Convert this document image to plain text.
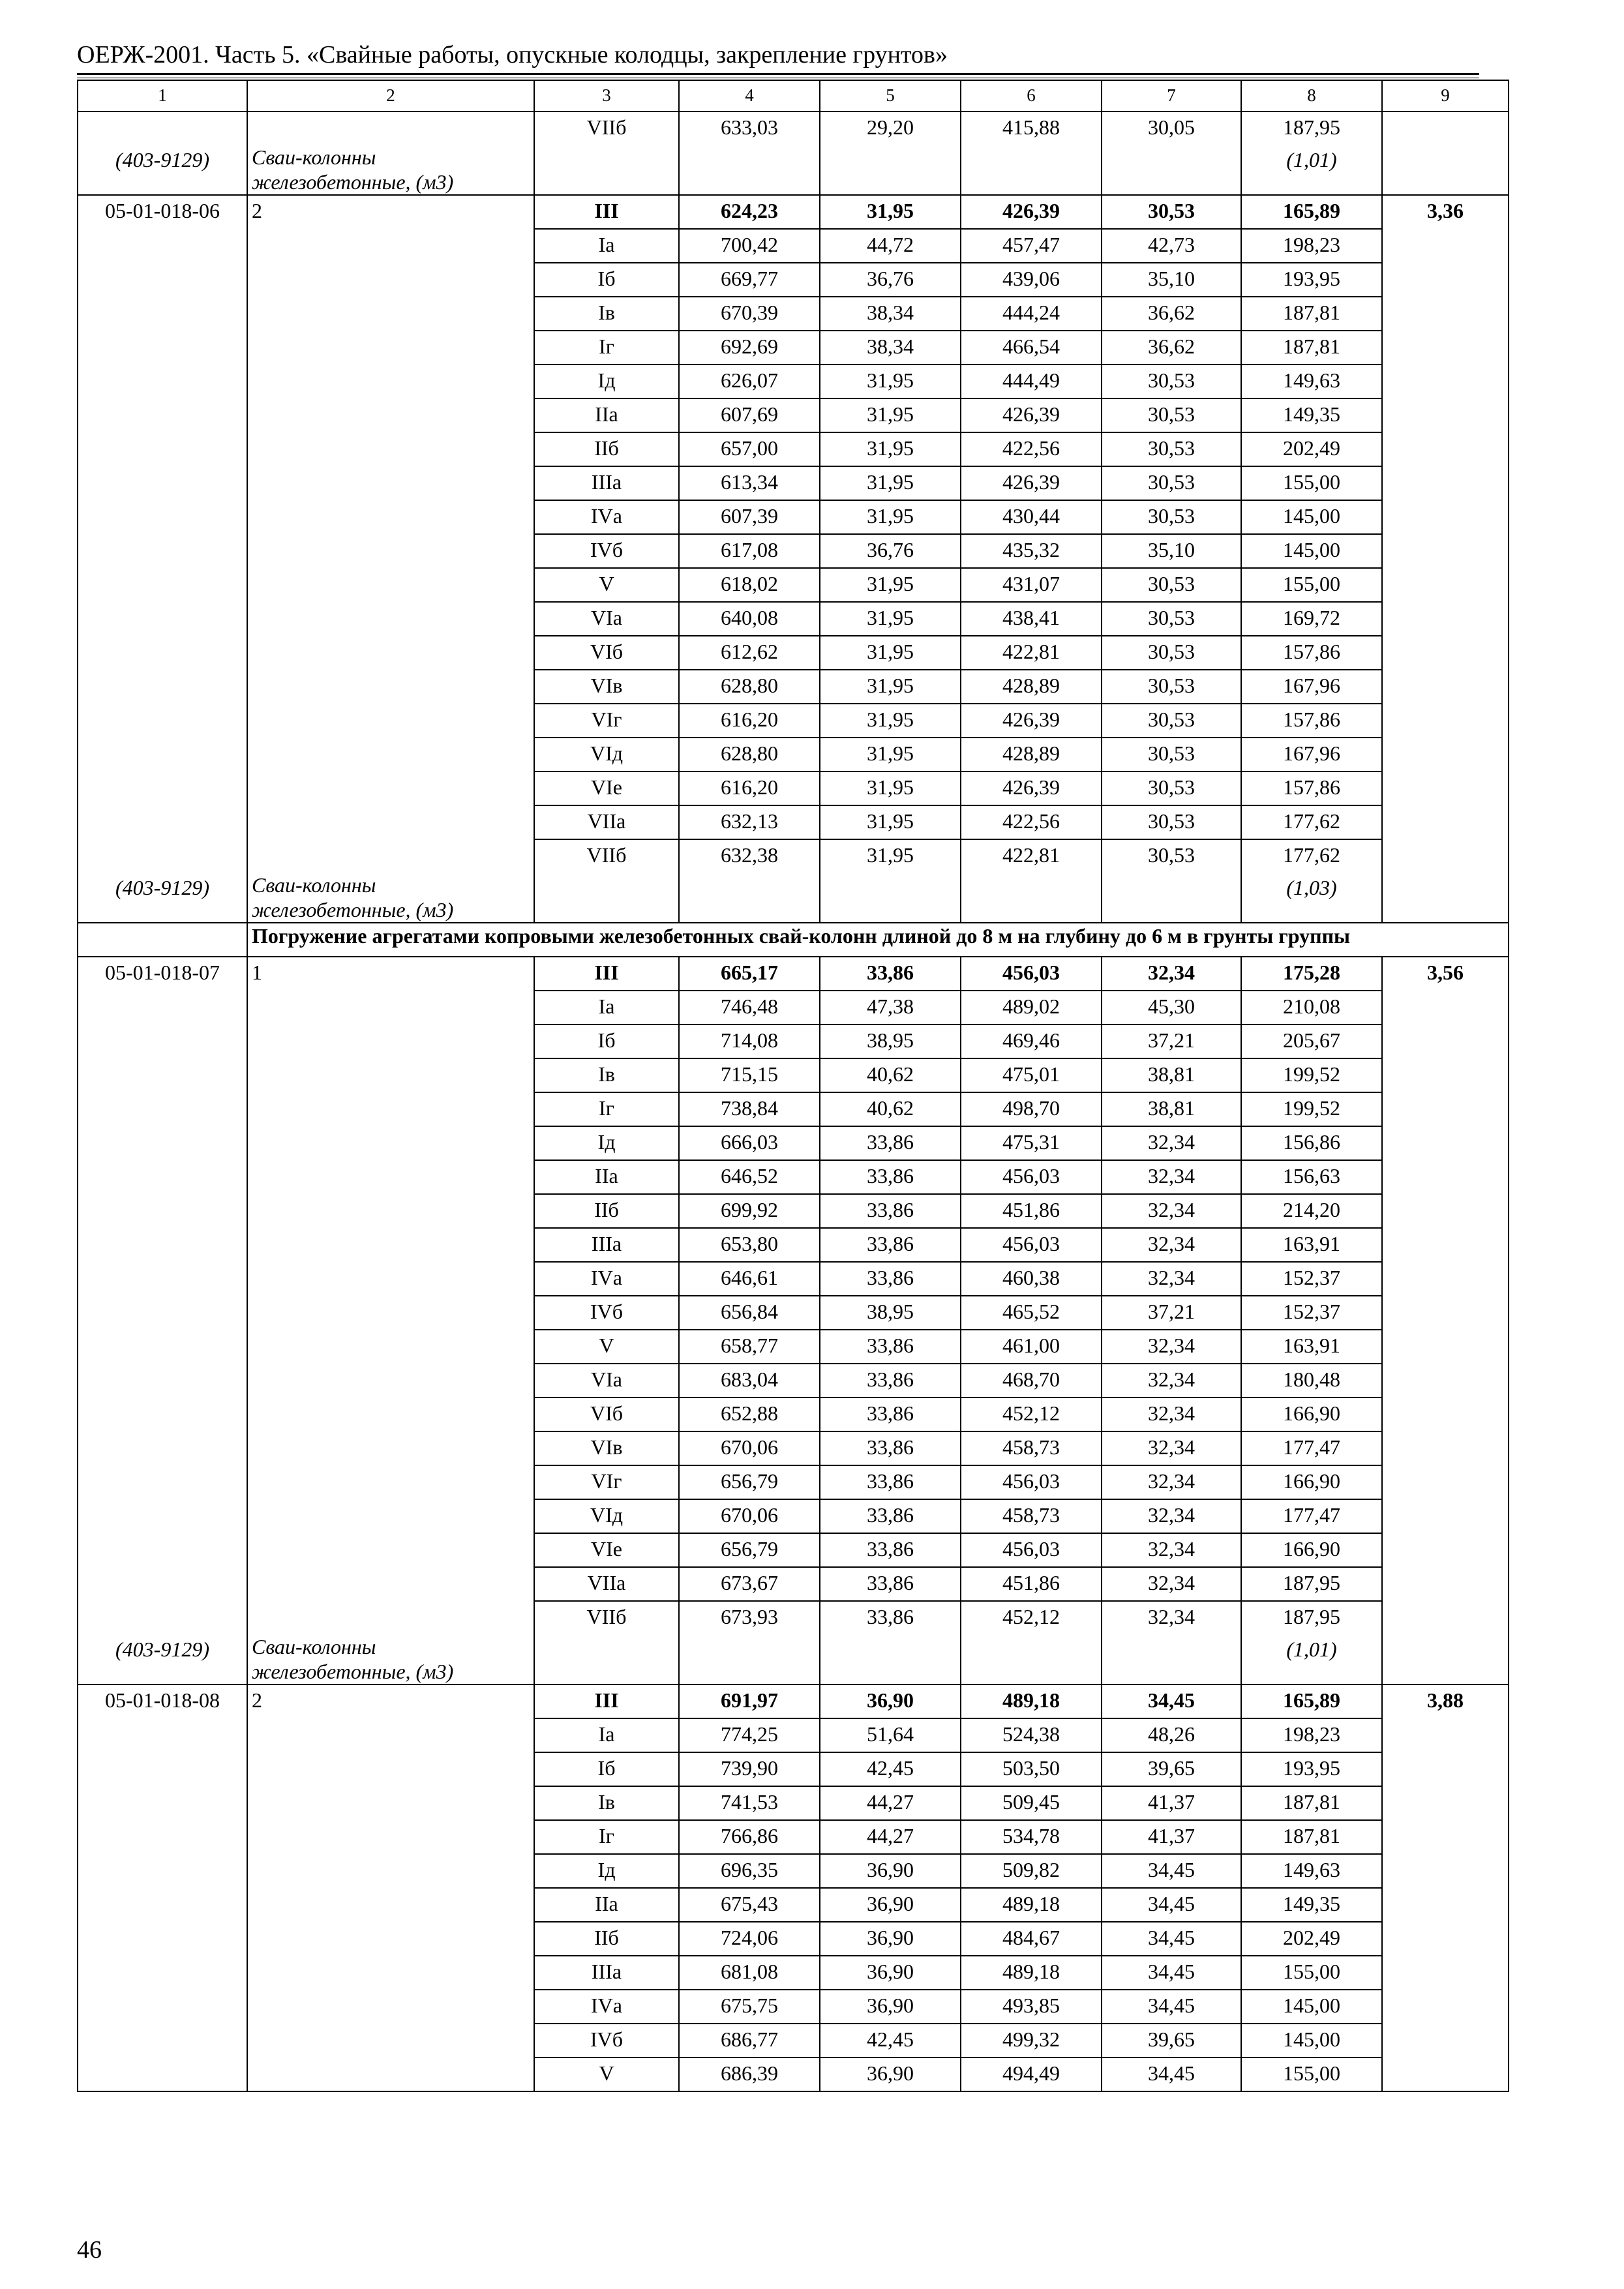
ОЕРЖ-2001. Часть 5. «Свайные работы, опускные колодцы, закрепление грунтов»
1	2	3	4	5	6	7	8	9
		VIIб	633,03	29,20	415,88	30,05	187,95	
(403-9129)	Сваи-колонны железобетонные, (м3)						(1,01)	
05-01-018-06	2	III	624,23	31,95	426,39	30,53	165,89	3,36
		Iа	700,42	44,72	457,47	42,73	198,23	
		Iб	669,77	36,76	439,06	35,10	193,95	
		Iв	670,39	38,34	444,24	36,62	187,81	
		Iг	692,69	38,34	466,54	36,62	187,81	
		Iд	626,07	31,95	444,49	30,53	149,63	
		IIа	607,69	31,95	426,39	30,53	149,35	
		IIб	657,00	31,95	422,56	30,53	202,49	
		IIIа	613,34	31,95	426,39	30,53	155,00	
		IVа	607,39	31,95	430,44	30,53	145,00	
		IVб	617,08	36,76	435,32	35,10	145,00	
		V	618,02	31,95	431,07	30,53	155,00	
		VIа	640,08	31,95	438,41	30,53	169,72	
		VIб	612,62	31,95	422,81	30,53	157,86	
		VIв	628,80	31,95	428,89	30,53	167,96	
		VIг	616,20	31,95	426,39	30,53	157,86	
		VIд	628,80	31,95	428,89	30,53	167,96	
		VIе	616,20	31,95	426,39	30,53	157,86	
		VIIа	632,13	31,95	422,56	30,53	177,62	
		VIIб	632,38	31,95	422,81	30,53	177,62	
(403-9129)	Сваи-колонны железобетонные, (м3)						(1,03)	
	Погружение агрегатами копровыми железобетонных свай-колонн длиной до 8 м на глубину до 6 м в грунты группы							
05-01-018-07	1	III	665,17	33,86	456,03	32,34	175,28	3,56
		Iа	746,48	47,38	489,02	45,30	210,08	
		Iб	714,08	38,95	469,46	37,21	205,67	
		Iв	715,15	40,62	475,01	38,81	199,52	
		Iг	738,84	40,62	498,70	38,81	199,52	
		Iд	666,03	33,86	475,31	32,34	156,86	
		IIа	646,52	33,86	456,03	32,34	156,63	
		IIб	699,92	33,86	451,86	32,34	214,20	
		IIIа	653,80	33,86	456,03	32,34	163,91	
		IVа	646,61	33,86	460,38	32,34	152,37	
		IVб	656,84	38,95	465,52	37,21	152,37	
		V	658,77	33,86	461,00	32,34	163,91	
		VIа	683,04	33,86	468,70	32,34	180,48	
		VIб	652,88	33,86	452,12	32,34	166,90	
		VIв	670,06	33,86	458,73	32,34	177,47	
		VIг	656,79	33,86	456,03	32,34	166,90	
		VIд	670,06	33,86	458,73	32,34	177,47	
		VIе	656,79	33,86	456,03	32,34	166,90	
		VIIа	673,67	33,86	451,86	32,34	187,95	
		VIIб	673,93	33,86	452,12	32,34	187,95	
(403-9129)	Сваи-колонны железобетонные, (м3)						(1,01)	
05-01-018-08	2	III	691,97	36,90	489,18	34,45	165,89	3,88
		Iа	774,25	51,64	524,38	48,26	198,23	
		Iб	739,90	42,45	503,50	39,65	193,95	
		Iв	741,53	44,27	509,45	41,37	187,81	
		Iг	766,86	44,27	534,78	41,37	187,81	
		Iд	696,35	36,90	509,82	34,45	149,63	
		IIа	675,43	36,90	489,18	34,45	149,35	
		IIб	724,06	36,90	484,67	34,45	202,49	
		IIIа	681,08	36,90	489,18	34,45	155,00	
		IVа	675,75	36,90	493,85	34,45	145,00	
		IVб	686,77	42,45	499,32	39,65	145,00	
		V	686,39	36,90	494,49	34,45	155,00	
46
